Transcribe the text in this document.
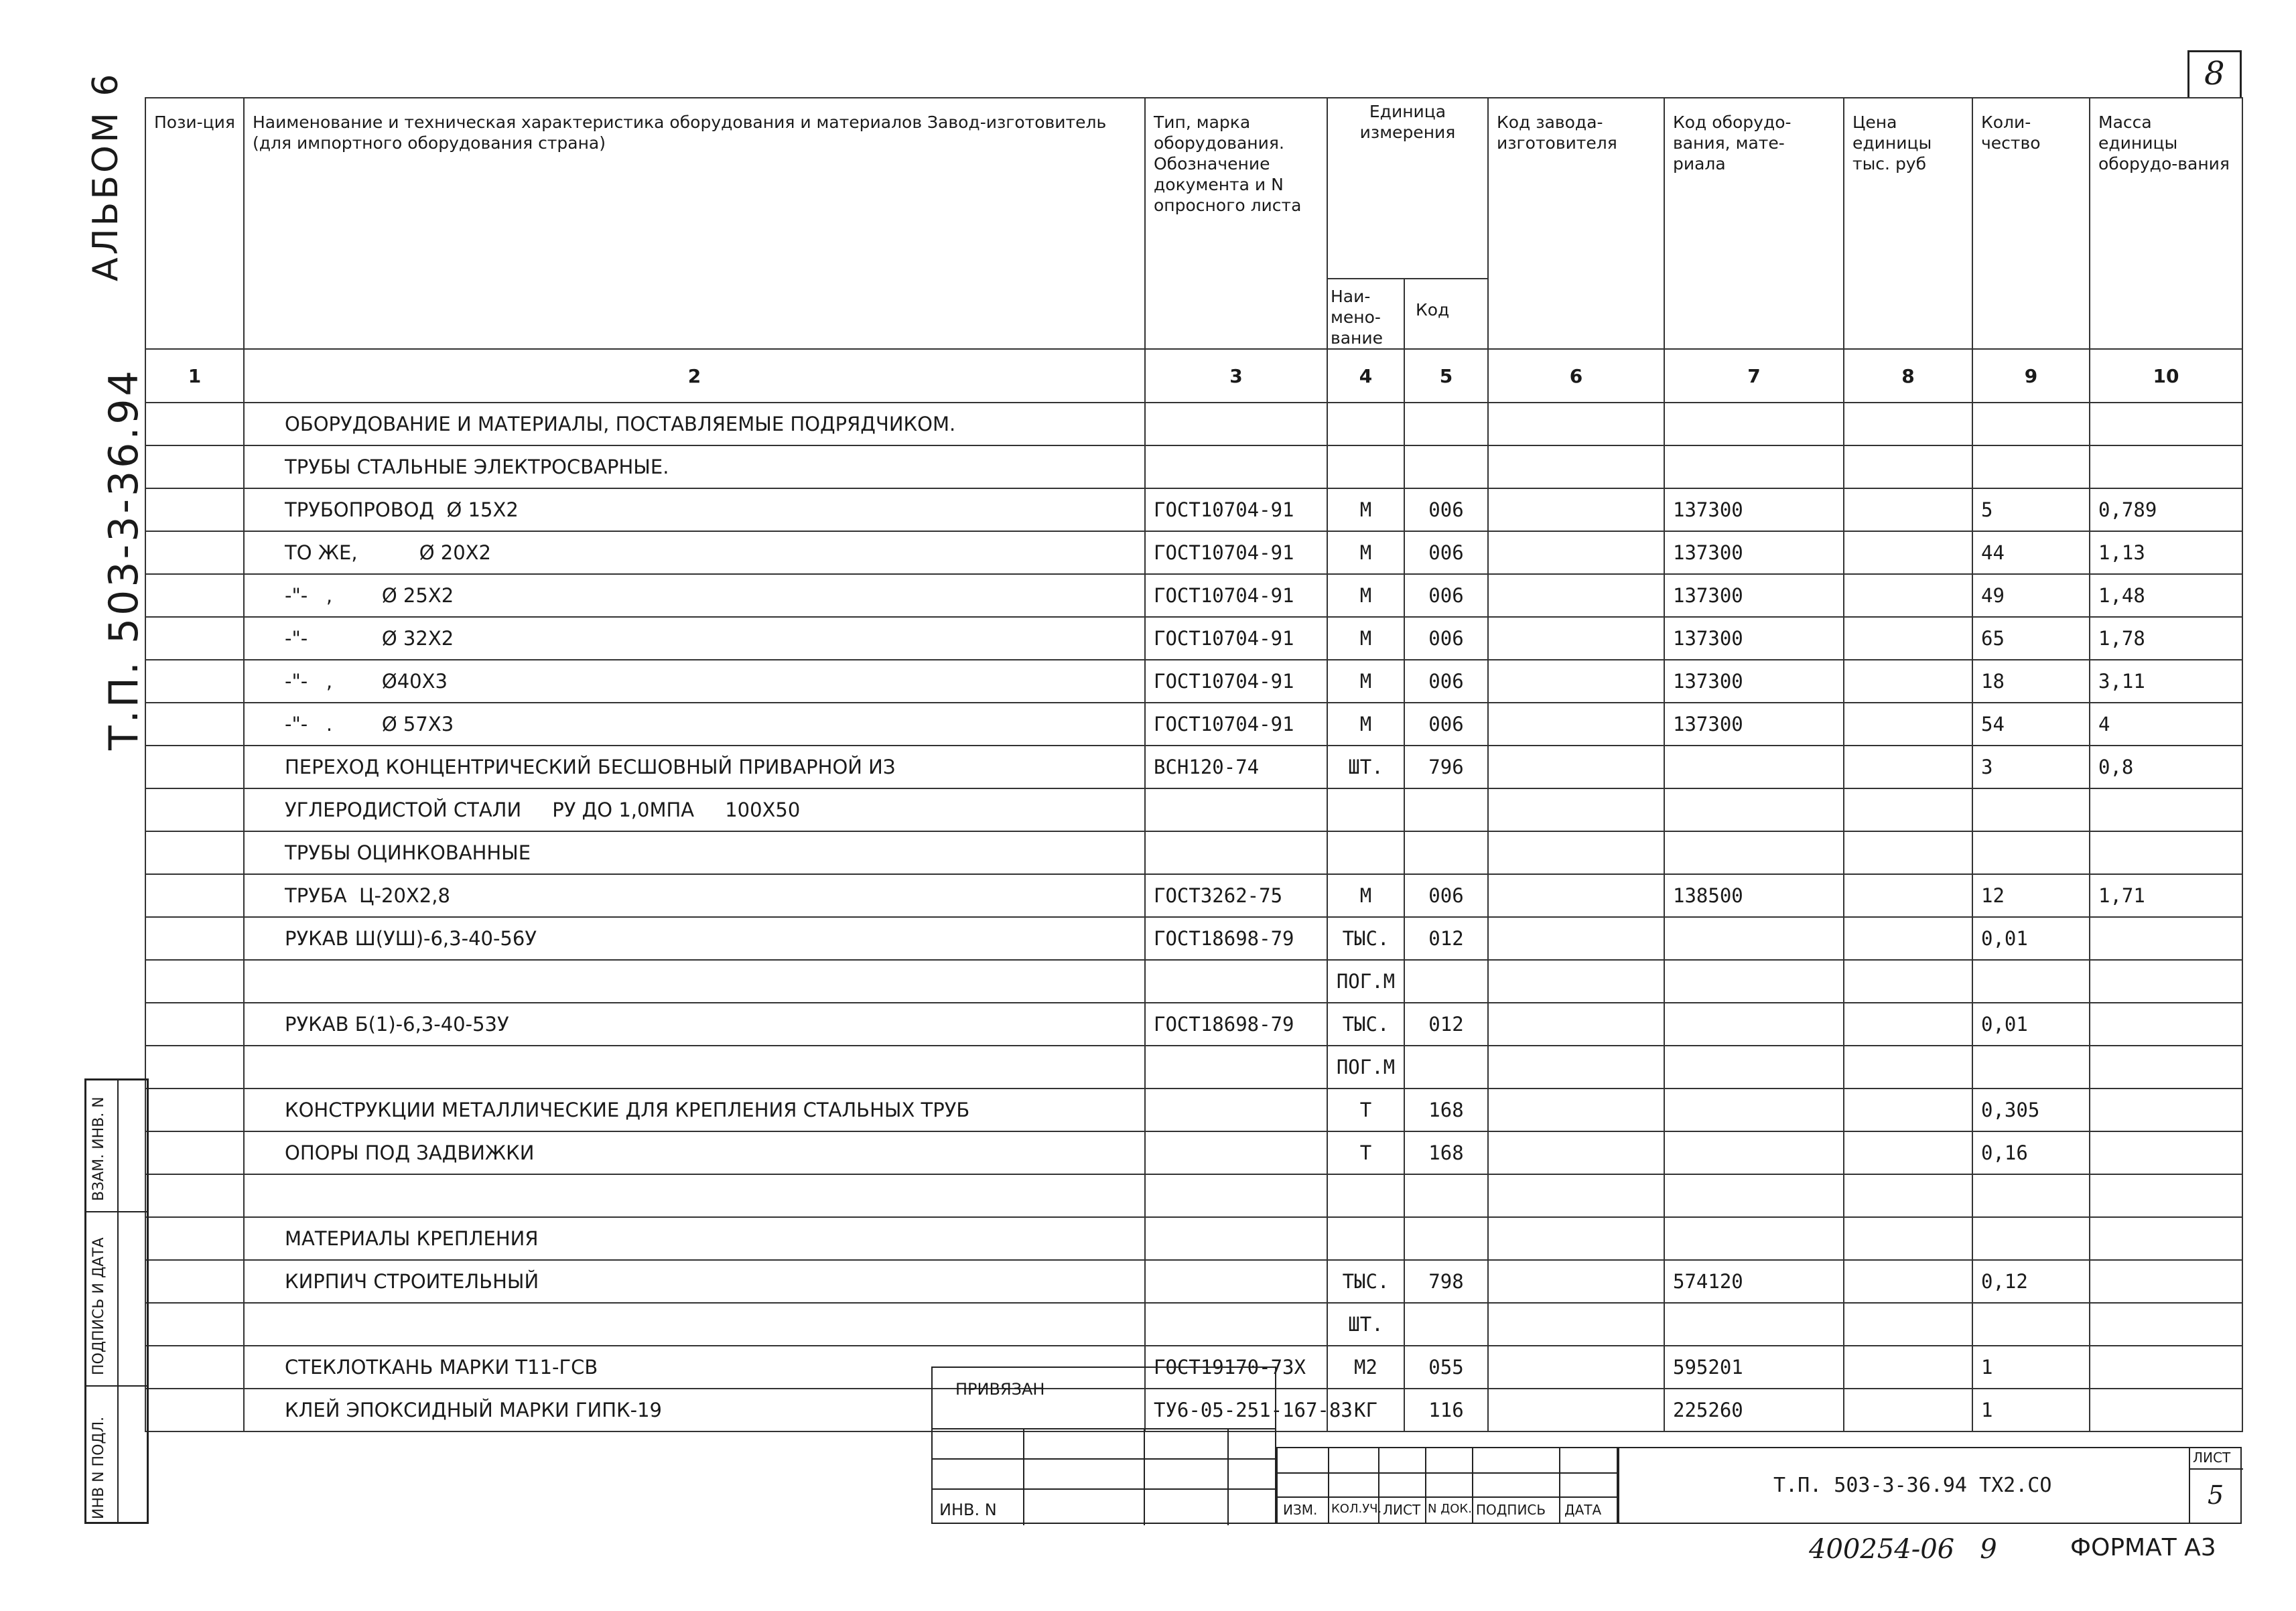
8
АЛЬБОМ 6
Т.П. 503-3-36.94
Пози-ция	Наименование и техническая характеристика оборудования и материалов Завод-изготовитель (для импортного оборудования страна)	Тип, марка оборудования. Обозначение документа и N опросного листа	Единица измерения		Код завода-изготовителя	Код оборудо-вания, мате-риала	Цена единицы тыс. руб	Коли-чество	Масса единицы оборудо-вания
			Наи-мено-вание	Код					
1	2	3	4	5	6	7	8	9	10
	ОБОРУДОВАНИЕ И МАТЕРИАЛЫ, ПОСТАВЛЯЕМЫЕ ПОДРЯДЧИКОМ.								
	ТРУБЫ СТАЛЬНЫЕ ЭЛЕКТРОСВАРНЫЕ.								
	ТРУБОПРОВОД  Ø 15X2	ГОСТ10704-91	М	006		137300		5	0,789
	ТО ЖЕ,          Ø 20X2	ГОСТ10704-91	М	006		137300		44	1,13
	-"-   ,        Ø 25X2	ГОСТ10704-91	М	006		137300		49	1,48
	-"-            Ø 32X2	ГОСТ10704-91	М	006		137300		65	1,78
	-"-   ,        Ø40X3	ГОСТ10704-91	М	006		137300		18	3,11
	-"-   .        Ø 57X3	ГОСТ10704-91	М	006		137300		54	4
	ПЕРЕХОД КОНЦЕНТРИЧЕСКИЙ БЕСШОВНЫЙ ПРИВАРНОЙ ИЗ	ВСН120-74	ШТ.	796				3	0,8
	УГЛЕРОДИСТОЙ СТАЛИ     РУ ДО 1,0МПА     100X50								
	ТРУБЫ ОЦИНКОВАННЫЕ								
	ТРУБА  Ц-20X2,8	ГОСТ3262-75	М	006		138500		12	1,71
	РУКАВ Ш(УШ)-6,3-40-56У	ГОСТ18698-79	ТЫС.	012				0,01	
			ПОГ.М						
	РУКАВ Б(1)-6,3-40-53У	ГОСТ18698-79	ТЫС.	012				0,01	
			ПОГ.М						
	КОНСТРУКЦИИ МЕТАЛЛИЧЕСКИЕ ДЛЯ КРЕПЛЕНИЯ СТАЛЬНЫХ ТРУБ		Т	168				0,305	
	ОПОРЫ ПОД ЗАДВИЖКИ		Т	168				0,16	

	МАТЕРИАЛЫ КРЕПЛЕНИЯ								
	КИРПИЧ СТРОИТЕЛЬНЫЙ		ТЫС.	798		574120		0,12	
			ШТ.						
	СТЕКЛОТКАНЬ МАРКИ Т11-ГСВ	ГОСТ19170-73X	М2	055		595201		1	
	КЛЕЙ ЭПОКСИДНЫЙ МАРКИ ГИПК-19	ТУ6-05-251-167-83	КГ	116		225260		1	
ВЗАМ. ИНВ. N
ПОДПИСЬ И ДАТА
ИНВ N ПОДЛ.
ПРИВЯЗАН
ИНВ. N	ИЗМ. КОЛ.УЧ. ЛИСТ N ДОК. ПОДПИСЬ ДАТА
Т.П. 503-3-36.94 ТХ2.СО
ЛИСТ
5
400254-06   9	ФОРМАТ А3
